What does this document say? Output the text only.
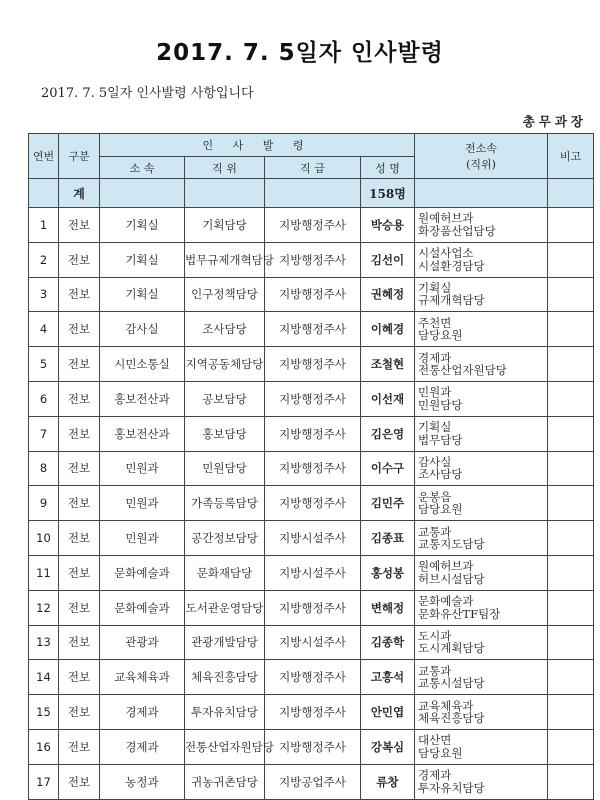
2017. 7. 5일자 인사발령
2017. 7. 5일자 인사발령 사항입니다
총무과장
연번	구분	인 사 발 령				전소속
(직위)	비고
		소 속	직 위	직 급	성 명		
	계				158명		
1	전보	기획실	기획담당	지방행정주사	박승용	원예허브과
화장품산업담당	

2	전보	기획실	법무규제개혁담당	지방행정주사	김선이	시설사업소
시설환경담당	

3	전보	기획실	인구정책담당	지방행정주사	권혜정	기획실
규제개혁담당	

4	전보	감사실	조사담당	지방행정주사	이혜경	주천면
담당요원	

5	전보	시민소통실	지역공동체담당	지방행정주사	조철현	경제과
전통산업자원담당	

6	전보	홍보전산과	공보담당	지방행정주사	이선재	민원과
민원담당	

7	전보	홍보전산과	홍보담당	지방행정주사	김은영	기획실
법무담당	

8	전보	민원과	민원담당	지방행정주사	이수구	감사실
조사담당	

9	전보	민원과	가족등록담당	지방행정주사	김민주	운봉읍
담당요원	

10	전보	민원과	공간정보담당	지방시설주사	김종표	교통과
교통지도담당	

11	전보	문화예술과	문화재담당	지방시설주사	홍성봉	원예허브과
허브시설담당	

12	전보	문화예술과	도서관운영담당	지방행정주사	변해정	문화예술과
문화유산TF팀장	

13	전보	관광과	관광개발담당	지방시설주사	김종학	도시과
도시계획담당	

14	전보	교육체육과	체육진흥담당	지방행정주사	고흥석	교통과
교통시설담당	

15	전보	경제과	투자유치담당	지방행정주사	안민엽	교육체육과
체육진흥담당	

16	전보	경제과	전통산업자원담당	지방행정주사	강복심	대산면
담당요원	

17	전보	농정과	귀농귀촌담당	지방공업주사	류창	경제과
투자유치담당	
